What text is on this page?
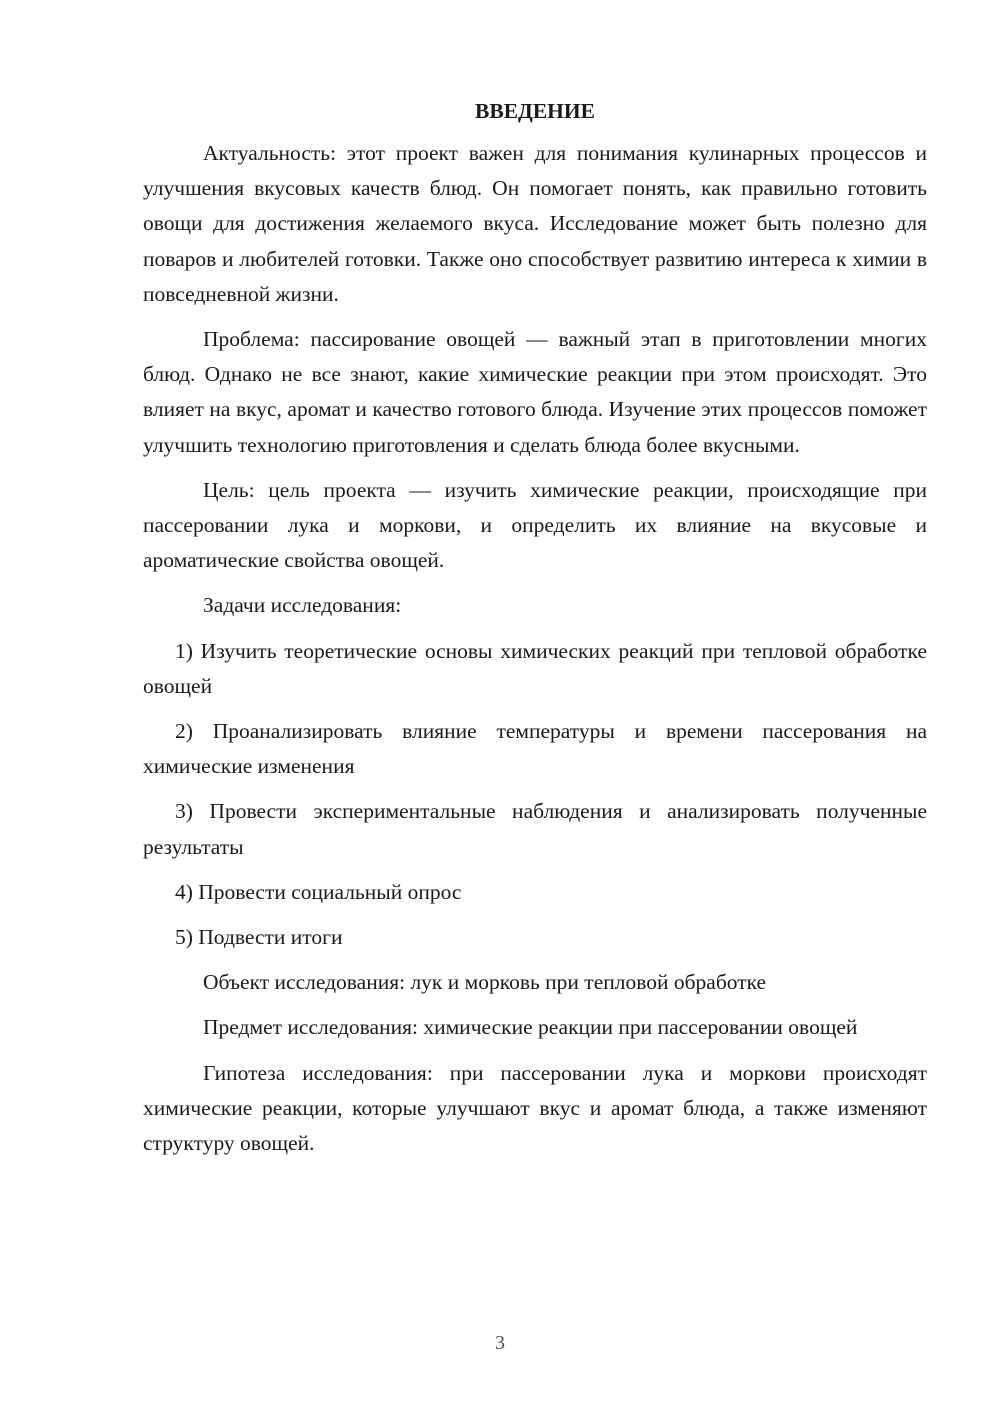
ВВЕДЕНИЕ

Актуальность: этот проект важен для понимания кулинарных процессов и улучшения вкусовых качеств блюд. Он помогает понять, как правильно готовить овощи для достижения желаемого вкуса. Исследование может быть полезно для поваров и любителей готовки. Также оно способствует развитию интереса к химии в повседневной жизни.

Проблема: пассирование овощей — важный этап в приготовлении многих блюд. Однако не все знают, какие химические реакции при этом происходят. Это влияет на вкус, аромат и качество готового блюда. Изучение этих процессов поможет улучшить технологию приготовления и сделать блюда более вкусными.

Цель: цель проекта — изучить химические реакции, происходящие при пассеровании лука и моркови, и определить их влияние на вкусовые и ароматические свойства овощей.

Задачи исследования:

1) Изучить теоретические основы химических реакций при тепловой обработке овощей

2) Проанализировать влияние температуры и времени пассерования на химические изменения

3) Провести экспериментальные наблюдения и анализировать полученные результаты

4) Провести социальный опрос

5) Подвести итоги

Объект исследования: лук и морковь при тепловой обработке

Предмет исследования: химические реакции при пассеровании овощей

Гипотеза исследования: при пассеровании лука и моркови происходят химические реакции, которые улучшают вкус и аромат блюда, а также изменяют структуру овощей.

3
